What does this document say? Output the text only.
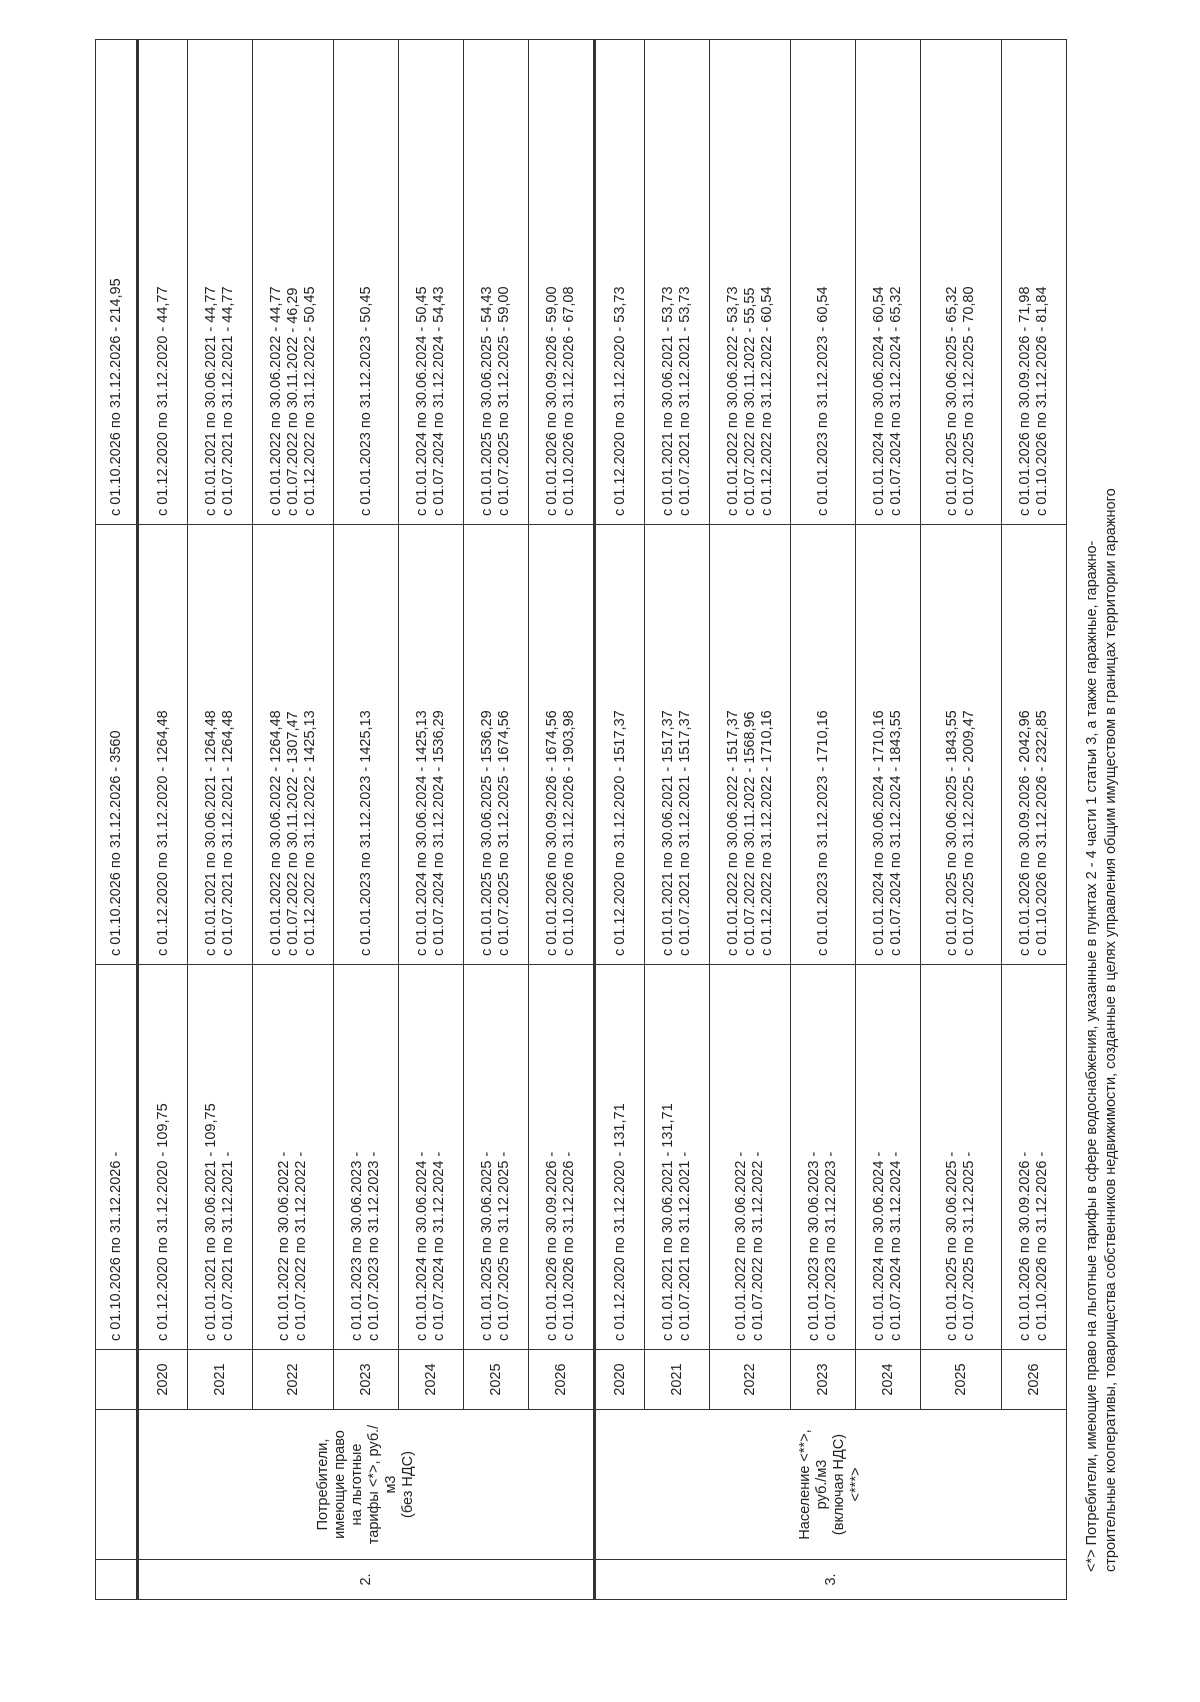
			с 01.10.2026 по 31.12.2026 -	с 01.10.2026 по 31.12.2026 - 3560	с 01.10.2026 по 31.12.2026 - 214,95
2.	Потребители, имеющие право на льготные тарифы <*>, руб./м3 (без НДС)	2020	с 01.12.2020 по 31.12.2020 - 109,75	с 01.12.2020 по 31.12.2020 - 1264,48	с 01.12.2020 по 31.12.2020 - 44,77

		2021	с 01.01.2021 по 30.06.2021 - 109,75 с 01.07.2021 по 31.12.2021 -	с 01.01.2021 по 30.06.2021 - 1264,48 с 01.07.2021 по 31.12.2021 - 1264,48	с 01.01.2021 по 30.06.2021 - 44,77 с 01.07.2021 по 31.12.2021 - 44,77

		2022	с 01.01.2022 по 30.06.2022 - с 01.07.2022 по 31.12.2022 -	с 01.01.2022 по 30.06.2022 - 1264,48 с 01.07.2022 по 30.11.2022 - 1307,47 с 01.12.2022 по 31.12.2022 - 1425,13	с 01.01.2022 по 30.06.2022 - 44,77 с 01.07.2022 по 30.11.2022 - 46,29 с 01.12.2022 по 31.12.2022 - 50,45

		2023	с 01.01.2023 по 30.06.2023 - с 01.07.2023 по 31.12.2023 -	с 01.01.2023 по 31.12.2023 - 1425,13	с 01.01.2023 по 31.12.2023 - 50,45

		2024	с 01.01.2024 по 30.06.2024 - с 01.07.2024 по 31.12.2024 -	с 01.01.2024 по 30.06.2024 - 1425,13 с 01.07.2024 по 31.12.2024 - 1536,29	с 01.01.2024 по 30.06.2024 - 50,45 с 01.07.2024 по 31.12.2024 - 54,43

		2025	с 01.01.2025 по 30.06.2025 - с 01.07.2025 по 31.12.2025 -	с 01.01.2025 по 30.06.2025 - 1536,29 с 01.07.2025 по 31.12.2025 - 1674,56	с 01.01.2025 по 30.06.2025 - 54,43 с 01.07.2025 по 31.12.2025 - 59,00

		2026	с 01.01.2026 по 30.09.2026 - с 01.10.2026 по 31.12.2026 -	с 01.01.2026 по 30.09.2026 - 1674,56 с 01.10.2026 по 31.12.2026 - 1903,98	с 01.01.2026 по 30.09.2026 - 59,00 с 01.10.2026 по 31.12.2026 - 67,08

3.	Население <**>, руб./м3 (включая НДС) <***>	2020	с 01.12.2020 по 31.12.2020 - 131,71	с 01.12.2020 по 31.12.2020 - 1517,37	с 01.12.2020 по 31.12.2020 - 53,73

		2021	с 01.01.2021 по 30.06.2021 - 131,71 с 01.07.2021 по 31.12.2021 -	с 01.01.2021 по 30.06.2021 - 1517,37 с 01.07.2021 по 31.12.2021 - 1517,37	с 01.01.2021 по 30.06.2021 - 53,73 с 01.07.2021 по 31.12.2021 - 53,73

		2022	с 01.01.2022 по 30.06.2022 - с 01.07.2022 по 31.12.2022 -	с 01.01.2022 по 30.06.2022 - 1517,37 с 01.07.2022 по 30.11.2022 - 1568,96 с 01.12.2022 по 31.12.2022 - 1710,16	с 01.01.2022 по 30.06.2022 - 53,73 с 01.07.2022 по 30.11.2022 - 55,55 с 01.12.2022 по 31.12.2022 - 60,54

		2023	с 01.01.2023 по 30.06.2023 - с 01.07.2023 по 31.12.2023 -	с 01.01.2023 по 31.12.2023 - 1710,16	с 01.01.2023 по 31.12.2023 - 60,54

		2024	с 01.01.2024 по 30.06.2024 - с 01.07.2024 по 31.12.2024 -	с 01.01.2024 по 30.06.2024 - 1710,16 с 01.07.2024 по 31.12.2024 - 1843,55	с 01.01.2024 по 30.06.2024 - 60,54 с 01.07.2024 по 31.12.2024 - 65,32

		2025	с 01.01.2025 по 30.06.2025 - с 01.07.2025 по 31.12.2025 -	с 01.01.2025 по 30.06.2025 - 1843,55 с 01.07.2025 по 31.12.2025 - 2009,47	с 01.01.2025 по 30.06.2025 - 65,32 с 01.07.2025 по 31.12.2025 - 70,80

		2026	с 01.01.2026 по 30.09.2026 - с 01.10.2026 по 31.12.2026 -	с 01.01.2026 по 30.09.2026 - 2042,96 с 01.10.2026 по 31.12.2026 - 2322,85	с 01.01.2026 по 30.09.2026 - 71,98 с 01.10.2026 по 31.12.2026 - 81,84
<*> Потребители, имеющие право на льготные тарифы в сфере водоснабжения, указанные в пунктах 2 - 4 части 1 статьи 3, а также гаражные, гаражно- строительные кооперативы, товарищества собственников недвижимости, созданные в целях управления общим имуществом в границах территории гаражного
